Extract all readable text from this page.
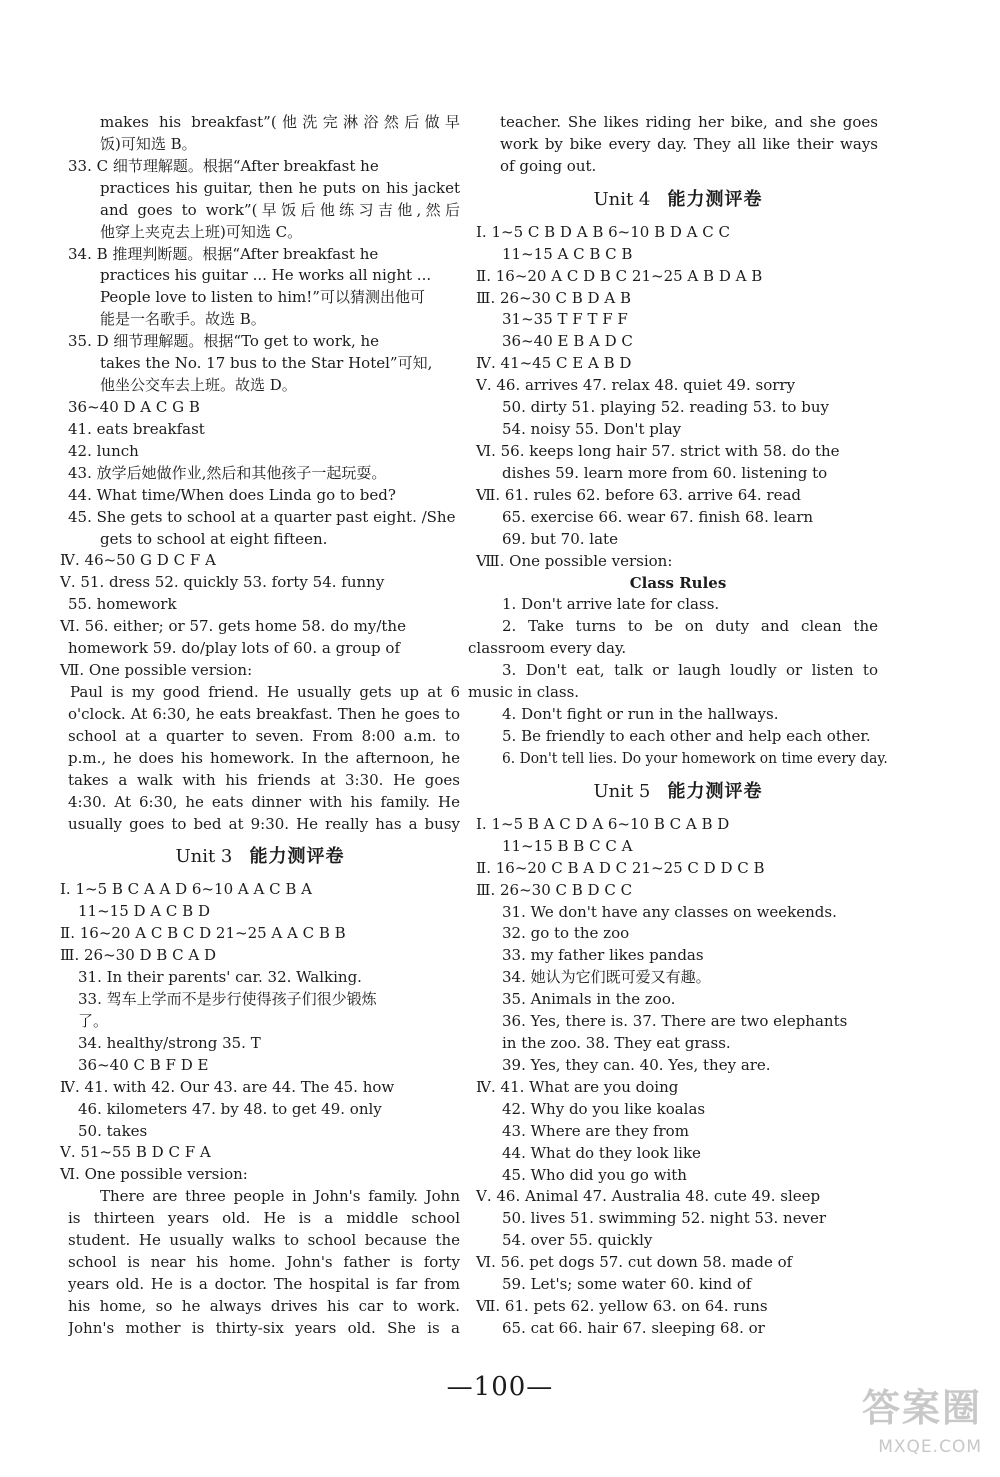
makes his breakfast”(他洗完淋浴然后做早
饭)可知选 B。
33. C 细节理解题。根据“After breakfast he
practices his guitar, then he puts on his jacket
and goes to work”(早饭后他练习吉他,然后
他穿上夹克去上班)可知选 C。
34. B 推理判断题。根据“After breakfast he
practices his guitar ... He works all night ...
People love to listen to him!”可以猜测出他可
能是一名歌手。故选 B。
35. D 细节理解题。根据“To get to work, he
takes the No. 17 bus to the Star Hotel”可知,
他坐公交车去上班。故选 D。
36~40 D A C G B
41. eats breakfast
42. lunch
43. 放学后她做作业,然后和其他孩子一起玩耍。
44. What time/When does Linda go to bed?
45. She gets to school at a quarter past eight. /She
gets to school at eight fifteen.
Ⅳ. 46~50 G D C F A
Ⅴ. 51. dress 52. quickly 53. forty 54. funny
55. homework
Ⅵ. 56. either; or 57. gets home 58. do my/the
homework 59. do/play lots of 60. a group of
Ⅶ. One possible version:
Paul is my good friend. He usually gets up at 6
o'clock. At 6:30, he eats breakfast. Then he goes to
school at a quarter to seven. From 8:00 a.m. to
p.m., he does his homework. In the afternoon, he
takes a walk with his friends at 3:30. He goes
4:30. At 6:30, he eats dinner with his family. He
usually goes to bed at 9:30. He really has a busy
Unit 3 能力测评卷
Ⅰ. 1~5 B C A A D 6~10 A A C B A
11~15 D A C B D
Ⅱ. 16~20 A C B C D 21~25 A A C B B
Ⅲ. 26~30 D B C A D
31. In their parents' car. 32. Walking.
33. 驾车上学而不是步行使得孩子们很少锻炼
了。
34. healthy/strong 35. T
36~40 C B F D E
Ⅳ. 41. with 42. Our 43. are 44. The 45. how
46. kilometers 47. by 48. to get 49. only
50. takes
Ⅴ. 51~55 B D C F A
Ⅵ. One possible version:
There are three people in John's family. John
is thirteen years old. He is a middle school
student. He usually walks to school because the
school is near his home. John's father is forty
years old. He is a doctor. The hospital is far from
his home, so he always drives his car to work.
John's mother is thirty-six years old. She is a
teacher. She likes riding her bike, and she goes
work by bike every day. They all like their ways
of going out.
Unit 4 能力测评卷
Ⅰ. 1~5 C B D A B 6~10 B D A C C
11~15 A C B C B
Ⅱ. 16~20 A C D B C 21~25 A B D A B
Ⅲ. 26~30 C B D A B
31~35 T F T F F
36~40 E B A D C
Ⅳ. 41~45 C E A B D
Ⅴ. 46. arrives 47. relax 48. quiet 49. sorry
50. dirty 51. playing 52. reading 53. to buy
54. noisy 55. Don't play
Ⅵ. 56. keeps long hair 57. strict with 58. do the
dishes 59. learn more from 60. listening to
Ⅶ. 61. rules 62. before 63. arrive 64. read
65. exercise 66. wear 67. finish 68. learn
69. but 70. late
Ⅷ. One possible version:
Class Rules
1. Don't arrive late for class.
2. Take turns to be on duty and clean the
classroom every day.
3. Don't eat, talk or laugh loudly or listen to
music in class.
4. Don't fight or run in the hallways.
5. Be friendly to each other and help each other.
6. Don't tell lies. Do your homework on time every day.
Unit 5 能力测评卷
Ⅰ. 1~5 B A C D A 6~10 B C A B D
11~15 B B C C A
Ⅱ. 16~20 C B A D C 21~25 C D D C B
Ⅲ. 26~30 C B D C C
31. We don't have any classes on weekends.
32. go to the zoo
33. my father likes pandas
34. 她认为它们既可爱又有趣。
35. Animals in the zoo.
36. Yes, there is. 37. There are two elephants
in the zoo. 38. They eat grass.
39. Yes, they can. 40. Yes, they are.
Ⅳ. 41. What are you doing
42. Why do you like koalas
43. Where are they from
44. What do they look like
45. Who did you go with
Ⅴ. 46. Animal 47. Australia 48. cute 49. sleep
50. lives 51. swimming 52. night 53. never
54. over 55. quickly
Ⅵ. 56. pet dogs 57. cut down 58. made of
59. Let's; some water 60. kind of
Ⅶ. 61. pets 62. yellow 63. on 64. runs
65. cat 66. hair 67. sleeping 68. or
—100—	答案圈
MXQE.COM
